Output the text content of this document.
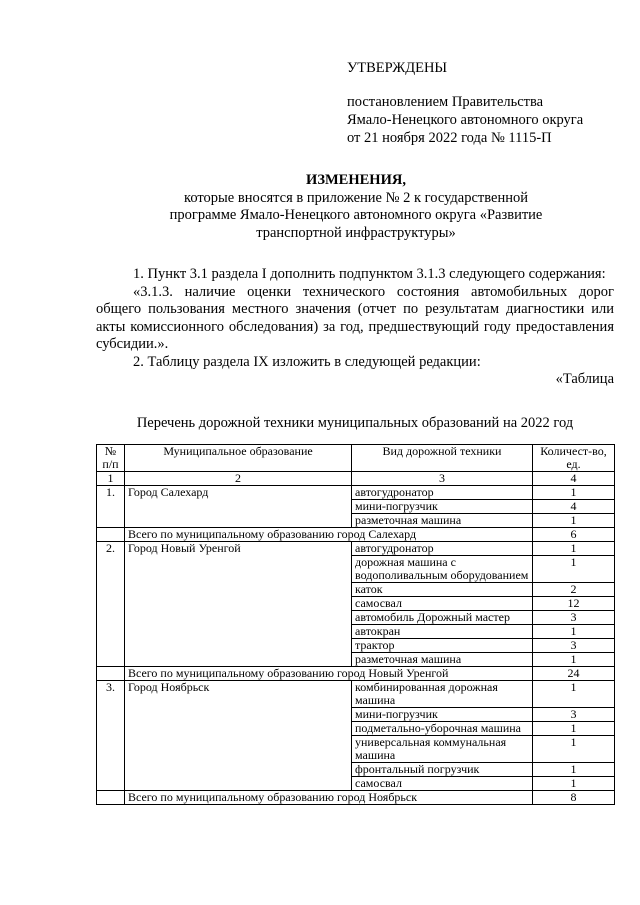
УТВЕРЖДЕНЫ
постановлением Правительства
Ямало-Ненецкого автономного округа
от 21 ноября 2022 года № 1115-П
ИЗМЕНЕНИЯ,
которые вносятся в приложение № 2 к государственной
программе Ямало-Ненецкого автономного округа «Развитие
транспортной инфраструктуры»

1. Пункт 3.1 раздела I дополнить подпунктом 3.1.3 следующего содержания:

«3.1.3. наличие оценки технического состояния автомобильных дорог общего пользования местного значения (отчет по результатам диагностики или акты комиссионного обследования) за год, предшествующий году предоставления субсидии.».

2. Таблицу раздела IX изложить в следующей редакции:

«Таблица

Перечень дорожной техники муниципальных образований на 2022 год
№ п/п	Муниципальное образование	Вид дорожной техники	Количест-во, ед.
1	2	3	4
1.	Город Салехард	автогудронатор	1
		мини-погрузчик	4
		разметочная машина	1
	Всего по муниципальному образованию город Салехард		6
2.	Город Новый Уренгой	автогудронатор	1
		дорожная машина с водополивальным оборудованием	1
		каток	2
		самосвал	12
		автомобиль Дорожный мастер	3
		автокран	1
		трактор	3
		разметочная машина	1
	Всего по муниципальному образованию город Новый Уренгой		24
3.	Город Ноябрьск	комбинированная дорожная машина	1
		мини-погрузчик	3
		подметально-уборочная машина	1
		универсальная коммунальная машина	1
		фронтальный погрузчик	1
		самосвал	1
	Всего по муниципальному образованию город Ноябрьск		8
